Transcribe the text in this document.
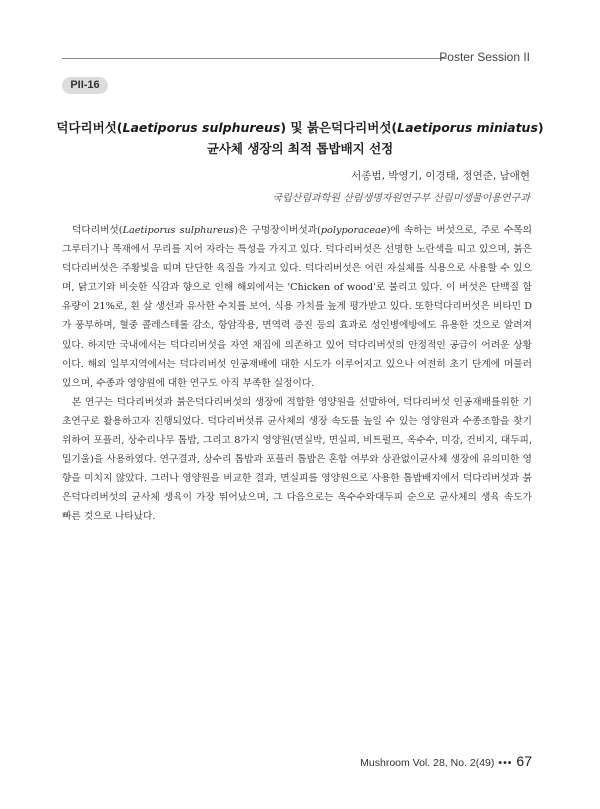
Poster Session II
PII-16
덕다리버섯(Laetiporus sulphureus) 및 붉은덕다리버섯(Laetiporus miniatus)
균사체 생장의 최적 톱밥배지 선정
서종범, 박영기, 이경태, 정연준, 남애현
국립산림과학원 산림생명자원연구부 산림미생물이용연구과

덕다리버섯(Laetiporus sulphureus)은 구멍장이버섯과(polyporaceae)에 속하는 버섯으로, 주로 수목의그루터기나 목재에서 무리를 지어 자라는 특성을 가지고 있다. 덕다리버섯은 선명한 노란색을 띠고 있으며, 붉은덕다리버섯은 주황빛을 띠며 단단한 육질을 가지고 있다. 덕다리버섯은 어린 자실체를 식용으로 사용할 수 있으며, 닭고기와 비슷한 식감과 향으로 인해 해외에서는 'Chicken of wood'로 불리고 있다. 이 버섯은 단백질 함유량이 21%로, 흰 살 생선과 유사한 수치를 보여, 식용 가치를 높게 평가받고 있다. 또한덕다리버섯은 비타민 D가 풍부하며, 혈중 콜레스테롤 감소, 항암작용, 면역력 증진 등의 효과로 성인병에방에도 유용한 것으로 알려져 있다. 하지만 국내에서는 덕다리버섯을 자연 채집에 의존하고 있어 덕다리버섯의 안정적인 공급이 어려운 상황이다. 해외 일부지역에서는 덕다리버섯 인공재배에 대한 시도가 이루어지고 있으나 여전히 초기 단계에 머물러있으며, 수종과 영양원에 대한 연구도 아직 부족한 실정이다.

본 연구는 덕다리버섯과 붉은덕다리버섯의 생장에 적합한 영양원을 선발하여, 덕다리버섯 인공재배를위한 기초연구로 활용하고자 진행되었다. 덕다리버섯류 균사체의 생장 속도를 높일 수 있는 영양원과 수종조합을 찾기 위하여 포플러, 상수리나무 톱밥, 그리고 8가지 영양원(면실박, 면실피, 비트펄프, 옥수수, 미강, 건비지, 대두피, 밀기울)을 사용하였다. 연구결과, 상수리 톱밥과 포플러 톱밥은 혼합 여부와 상관없이균사체 생장에 유의미한 영향을 미치지 않았다. 그러나 영양원을 비교한 결과, 면실피를 영양원으로 사용한 톱밥배지에서 덕다리버섯과 붉은덕다리버섯의 균사체 생육이 가장 뛰어났으며, 그 다음으로는 옥수수와대두피 순으로 균사체의 생육 속도가 빠른 것으로 나타났다.

Mushroom Vol. 28, No. 2(49) ••• 67
